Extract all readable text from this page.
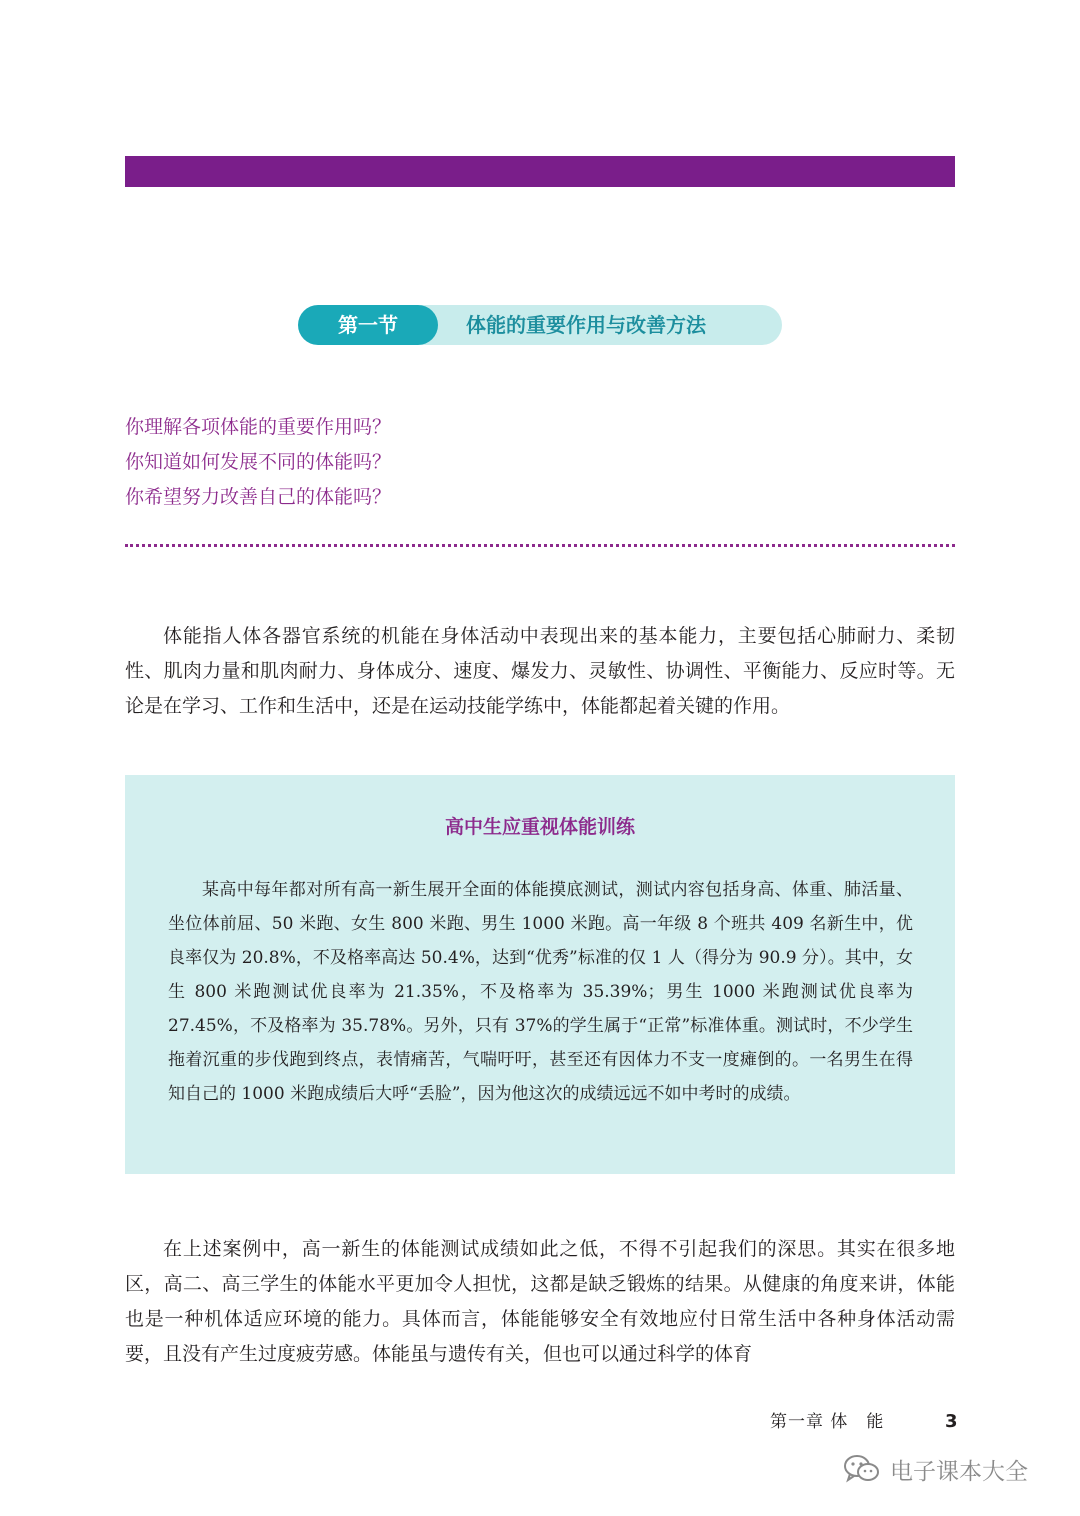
第一节	体能的重要作用与改善方法
你理解各项体能的重要作用吗？
你知道如何发展不同的体能吗？
你希望努力改善自己的体能吗？

体能指人体各器官系统的机能在身体活动中表现出来的基本能力，主要包括心肺耐力、柔韧性、肌肉力量和肌肉耐力、身体成分、速度、爆发力、灵敏性、协调性、平衡能力、反应时等。无论是在学习、工作和生活中，还是在运动技能学练中，体能都起着关键的作用。

高中生应重视体能训练

某高中每年都对所有高一新生展开全面的体能摸底测试，测试内容包括身高、体重、肺活量、坐位体前屈、50 米跑、女生 800 米跑、男生 1000 米跑。高一年级 8 个班共 409 名新生中，优良率仅为 20.8%，不及格率高达 50.4%，达到“优秀”标准的仅 1 人（得分为 90.9 分）。其中，女生 800 米跑测试优良率为 21.35%，不及格率为 35.39%；男生 1000 米跑测试优良率为 27.45%，不及格率为 35.78%。另外，只有 37%的学生属于“正常”标准体重。测试时，不少学生拖着沉重的步伐跑到终点，表情痛苦，气喘吁吁，甚至还有因体力不支一度瘫倒的。一名男生在得知自己的 1000 米跑成绩后大呼“丢脸”，因为他这次的成绩远远不如中考时的成绩。

在上述案例中，高一新生的体能测试成绩如此之低，不得不引起我们的深思。其实在很多地区，高二、高三学生的体能水平更加令人担忧，这都是缺乏锻炼的结果。从健康的角度来讲，体能也是一种机体适应环境的能力。具体而言，体能能够安全有效地应付日常生活中各种身体活动需要，且没有产生过度疲劳感。体能虽与遗传有关，但也可以通过科学的体育

第一章 体　能	3
电子课本大全
